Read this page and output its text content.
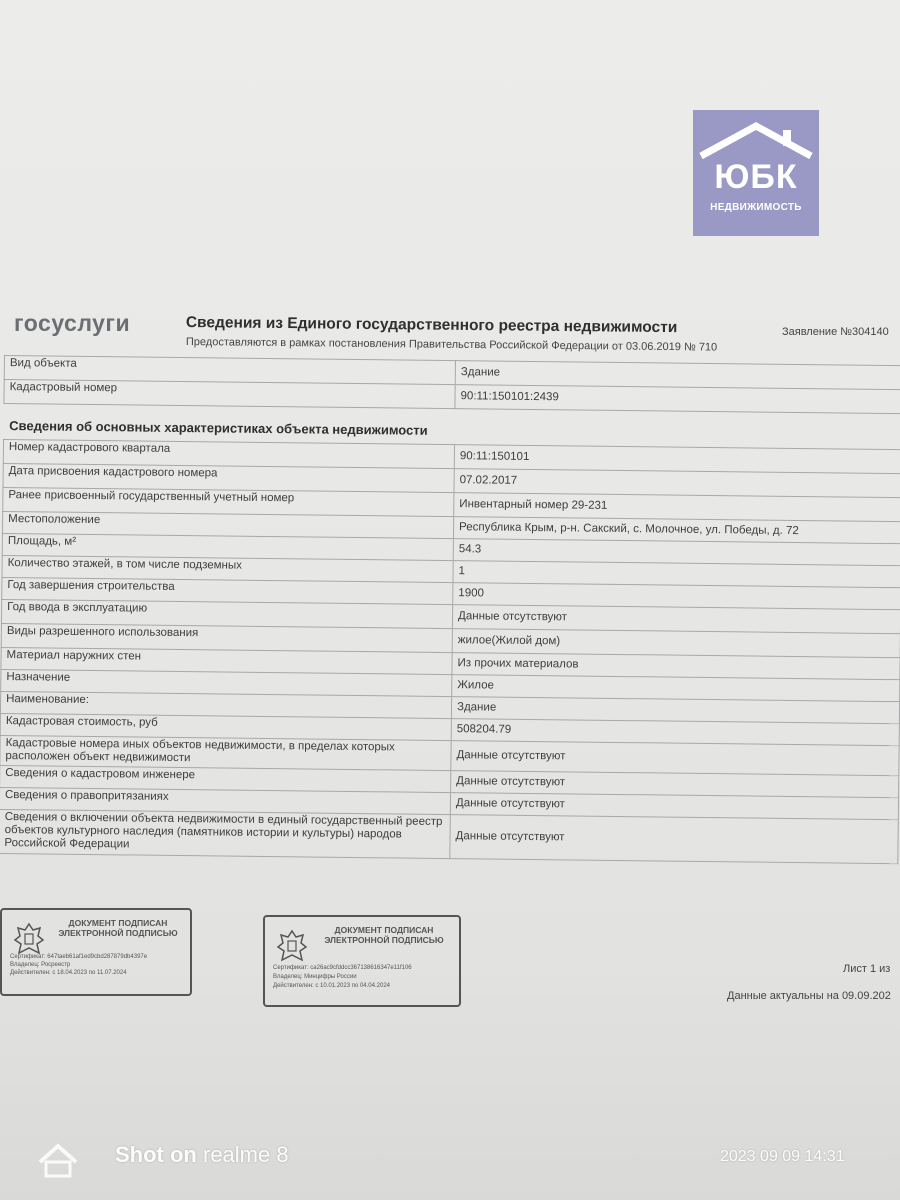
ЮБК
НЕДВИЖИМОСТЬ
госуслуги	Сведения из Единого государственного реестра недвижимости
Предоставляются в рамках постановления Правительства Российской Федерации от 03.06.2019 № 710
Заявление №304140
Вид объекта	Здание
Кадастровый номер	90:11:150101:2439
Сведения об основных характеристиках объекта недвижимости
Номер кадастрового квартала	90:11:150101
Дата присвоения кадастрового номера	07.02.2017
Ранее присвоенный государственный учетный номер	Инвентарный номер 29-231
Местоположение	Республика Крым, р-н. Сакский, с. Молочное, ул. Победы, д. 72
Площадь, м²	54.3
Количество этажей, в том числе подземных	1
Год завершения строительства	1900
Год ввода в эксплуатацию	Данные отсутствуют
Виды разрешенного использования	жилое(Жилой дом)
Материал наружних стен	Из прочих материалов
Назначение	Жилое
Наименование:	Здание
Кадастровая стоимость, руб	508204.79
Кадастровые номера иных объектов недвижимости, в пределах которых расположен объект недвижимости	Данные отсутствуют
Сведения о кадастровом инженере	Данные отсутствуют
Сведения о правопритязаниях	Данные отсутствуют
Сведения о включении объекта недвижимости в единый государственный реестр объектов культурного наследия (памятников истории и культуры) народов Российской Федерации	Данные отсутствуют
ДОКУМЕНТ ПОДПИСАН ЭЛЕКТРОННОЙ ПОДПИСЬЮ
Сертификат: 647taeb61af1ed9cbd287879db4397e
Владелец: Росреестр
Действителен: с 18.04.2023 по 11.07.2024
ДОКУМЕНТ ПОДПИСАН ЭЛЕКТРОННОЙ ПОДПИСЬЮ
Сертификат: ca26ac9cfddcc367138616347e11f106
Владелец: Минцифры России
Действителен: с 10.01.2023 по 04.04.2024
Лист 1 из
Данные актуальны на 09.09.202
Shot on realme 8	2023 09 09 14:31
